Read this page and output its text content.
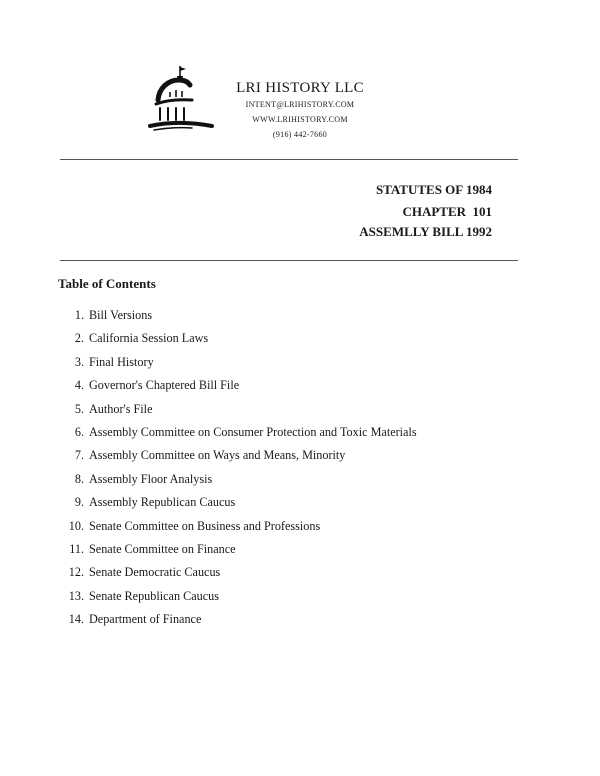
LRI HISTORY LLC
INTENT@LRIHISTORY.COM
WWW.LRIHISTORY.COM
(916) 442-7660
STATUTES OF 1984
CHAPTER  101
ASSEMLLY BILL 1992
Table of Contents
1. Bill Versions
2. California Session Laws
3. Final History
4. Governor's Chaptered Bill File
5. Author's File
6. Assembly Committee on Consumer Protection and Toxic Materials
7. Assembly Committee on Ways and Means, Minority
8. Assembly Floor Analysis
9. Assembly Republican Caucus
10. Senate Committee on Business and Professions
11. Senate Committee on Finance
12. Senate Democratic Caucus
13. Senate Republican Caucus
14. Department of Finance
